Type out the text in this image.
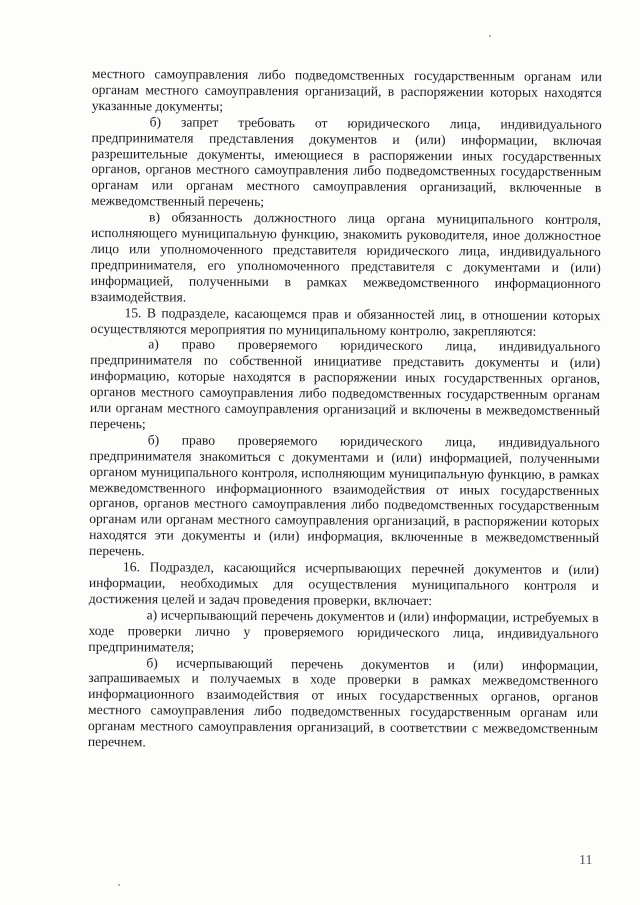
местного самоуправления либо подведомственных государственным органам или органам местного самоуправления организаций, в распоряжении которых находятся указанные документы;

б) запрет требовать от юридического лица, индивидуального предпринимателя представления документов и (или) информации, включая разрешительные документы, имеющиеся в распоряжении иных государственных органов, органов местного самоуправления либо подведомственных государственным органам или органам местного самоуправления организаций, включенные в межведомственный перечень;

в) обязанность должностного лица органа муниципального контроля, исполняющего муниципальную функцию, знакомить руководителя, иное должностное лицо или уполномоченного представителя юридического лица, индивидуального предпринимателя, его уполномоченного представителя с документами и (или) информацией, полученными в рамках межведомственного информационного взаимодействия.

15. В подразделе, касающемся прав и обязанностей лиц, в отношении которых осуществляются мероприятия по муниципальному контролю, закрепляются:

а) право проверяемого юридического лица, индивидуального предпринимателя по собственной инициативе представить документы и (или) информацию, которые находятся в распоряжении иных государственных органов, органов местного самоуправления либо подведомственных государственным органам или органам местного самоуправления организаций и включены в межведомственный перечень;

б) право проверяемого юридического лица, индивидуального предпринимателя знакомиться с документами и (или) информацией, полученными органом муниципального контроля, исполняющим муниципальную функцию, в рамках межведомственного информационного взаимодействия от иных государственных органов, органов местного самоуправления либо подведомственных государственным органам или органам местного самоуправления организаций, в распоряжении которых находятся эти документы и (или) информация, включенные в межведомственный перечень.

16. Подраздел, касающийся исчерпывающих перечней документов и (или) информации, необходимых для осуществления муниципального контроля и достижения целей и задач проведения проверки, включает:

а) исчерпывающий перечень документов и (или) информации, истребуемых в ходе проверки лично у проверяемого юридического лица, индивидуального предпринимателя;

б) исчерпывающий перечень документов и (или) информации, запрашиваемых и получаемых в ходе проверки в рамках межведомственного информационного взаимодействия от иных государственных органов, органов местного самоуправления либо подведомственных государственным органам или органам местного самоуправления организаций, в соответствии с межведомственным перечнем.

11
